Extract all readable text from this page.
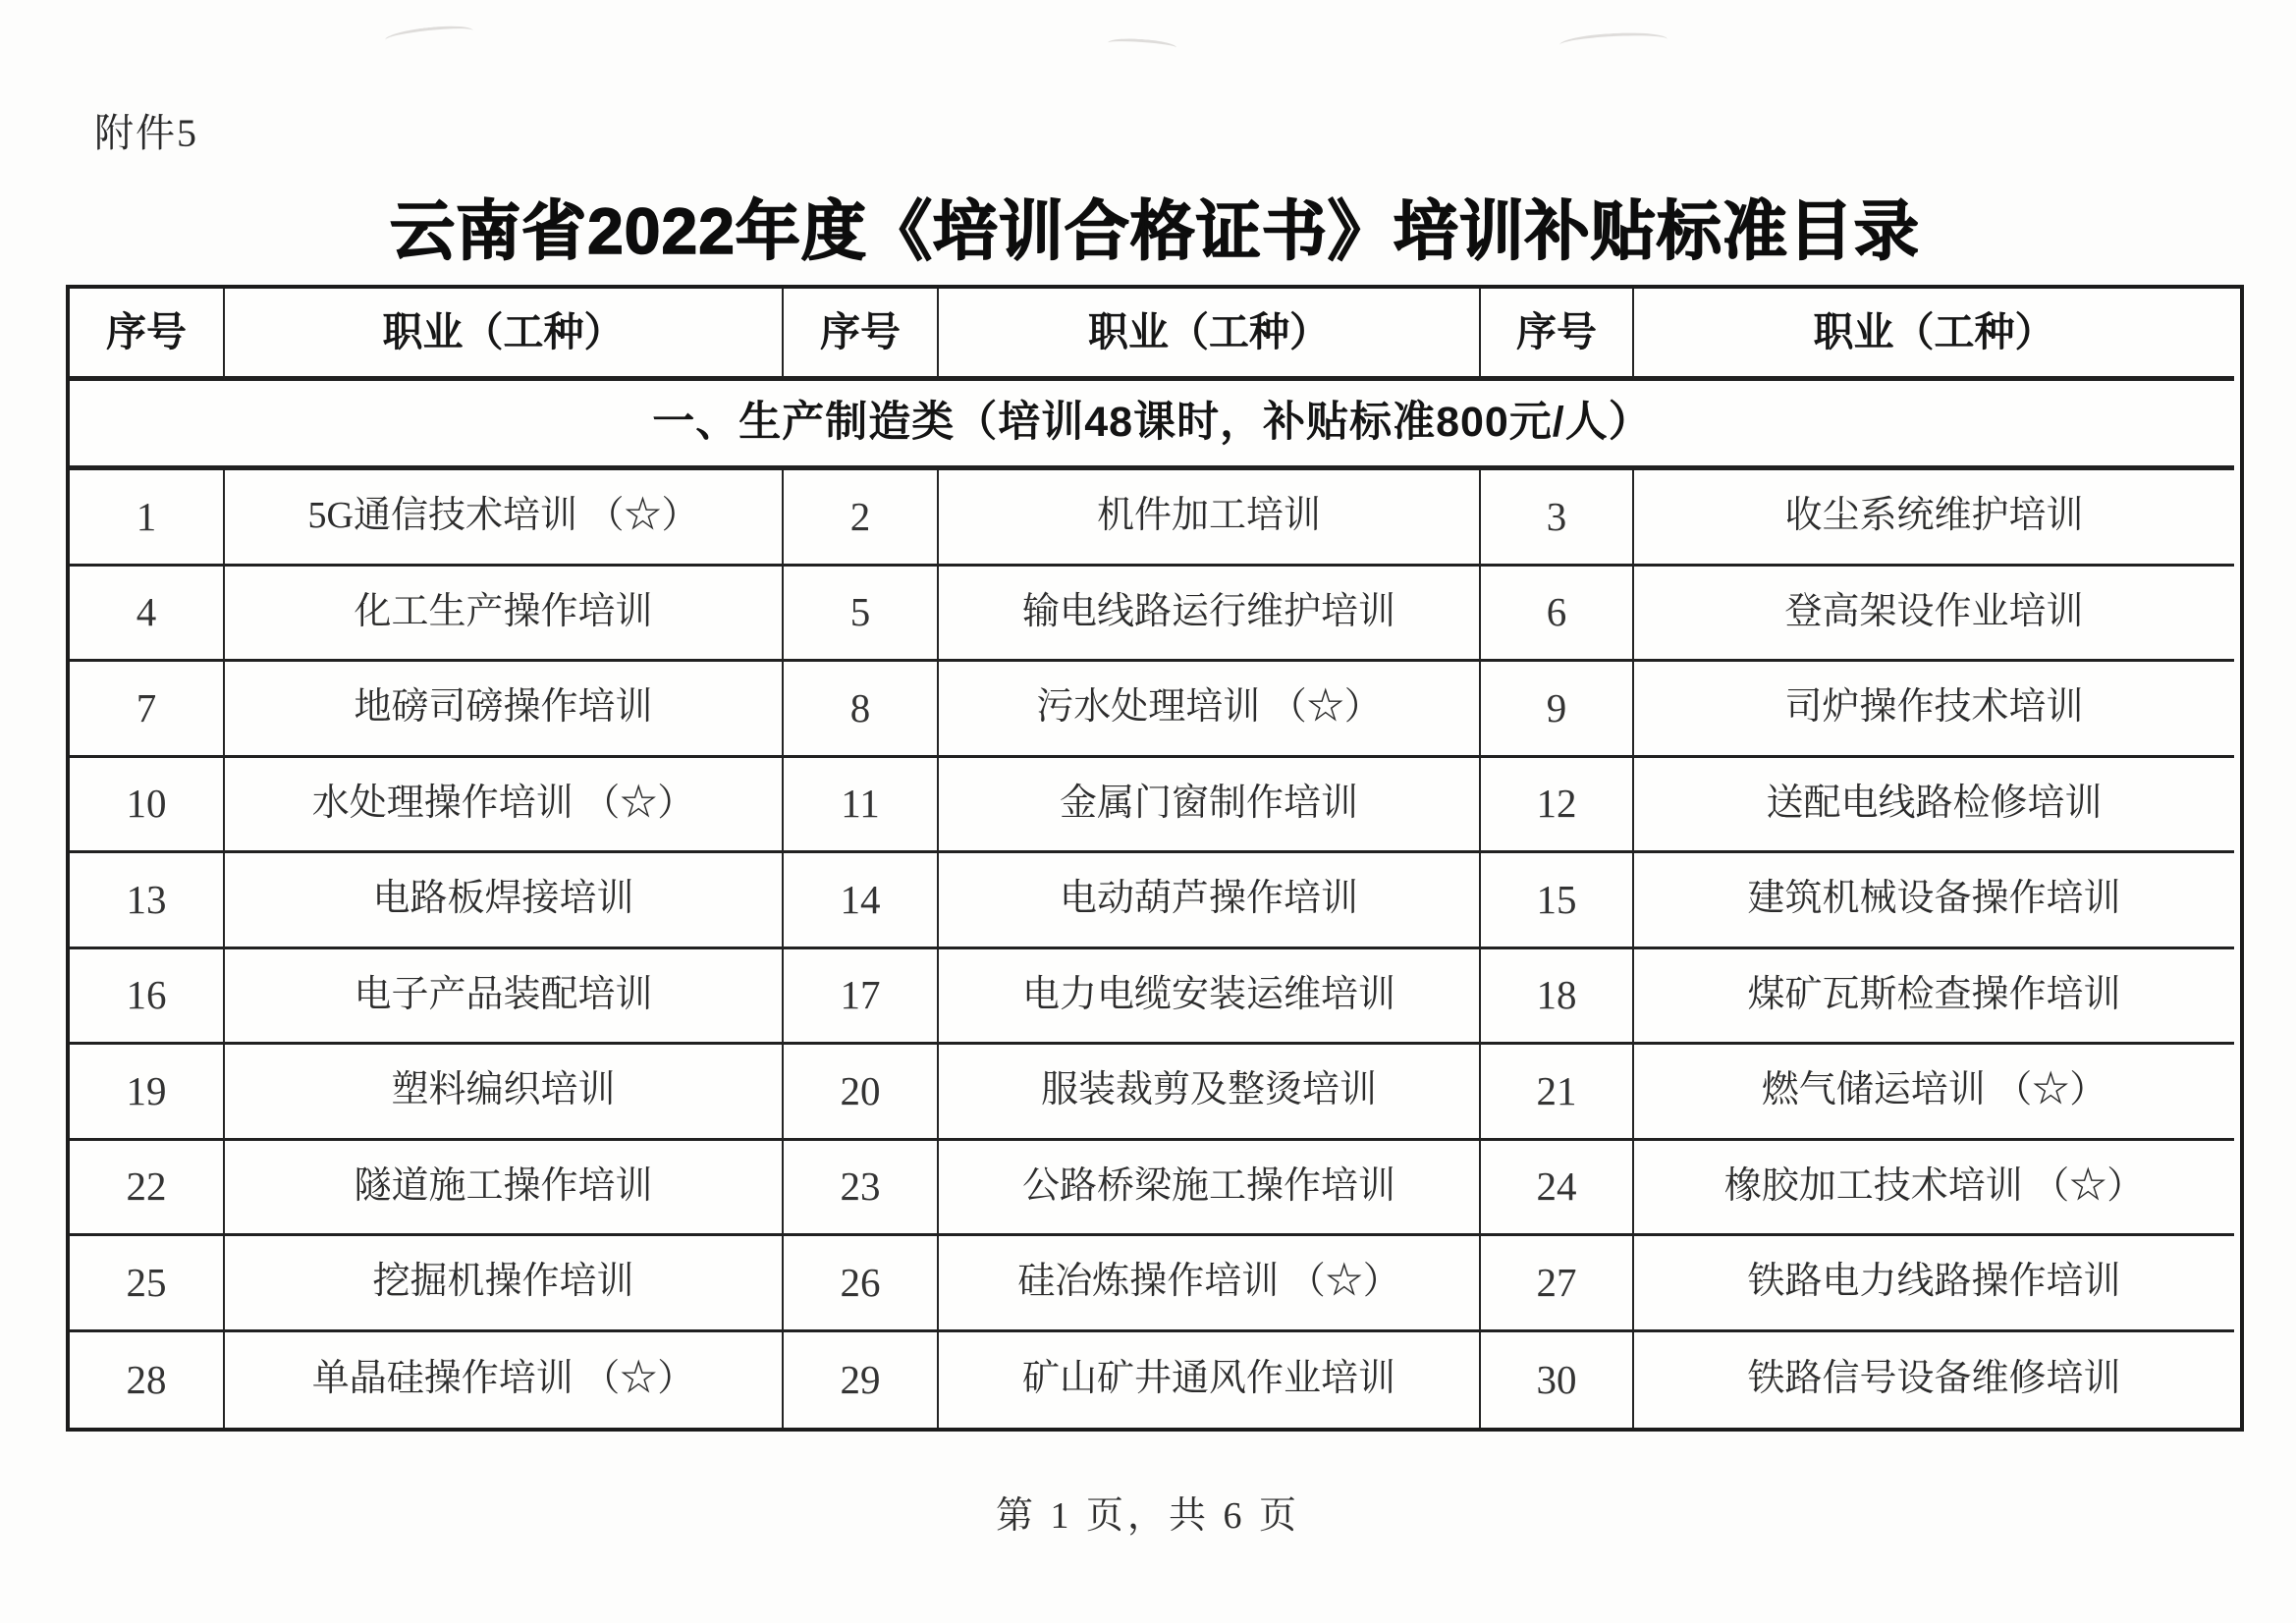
附件5
云南省2022年度《培训合格证书》培训补贴标准目录
序号	职业（工种）	序号	职业（工种）	序号	职业（工种）
一、生产制造类（培训48课时，补贴标准800元/人）
1	5G通信技术培训 （☆）	2	机件加工培训	3	收尘系统维护培训
4	化工生产操作培训	5	输电线路运行维护培训	6	登高架设作业培训
7	地磅司磅操作培训	8	污水处理培训 （☆）	9	司炉操作技术培训
10	水处理操作培训 （☆）	11	金属门窗制作培训	12	送配电线路检修培训
13	电路板焊接培训	14	电动葫芦操作培训	15	建筑机械设备操作培训
16	电子产品装配培训	17	电力电缆安装运维培训	18	煤矿瓦斯检查操作培训
19	塑料编织培训	20	服装裁剪及整烫培训	21	燃气储运培训 （☆）
22	隧道施工操作培训	23	公路桥梁施工操作培训	24	橡胶加工技术培训 （☆）
25	挖掘机操作培训	26	硅冶炼操作培训 （☆）	27	铁路电力线路操作培训
28	单晶硅操作培训 （☆）	29	矿山矿井通风作业培训	30	铁路信号设备维修培训
第 1 页，共 6 页
